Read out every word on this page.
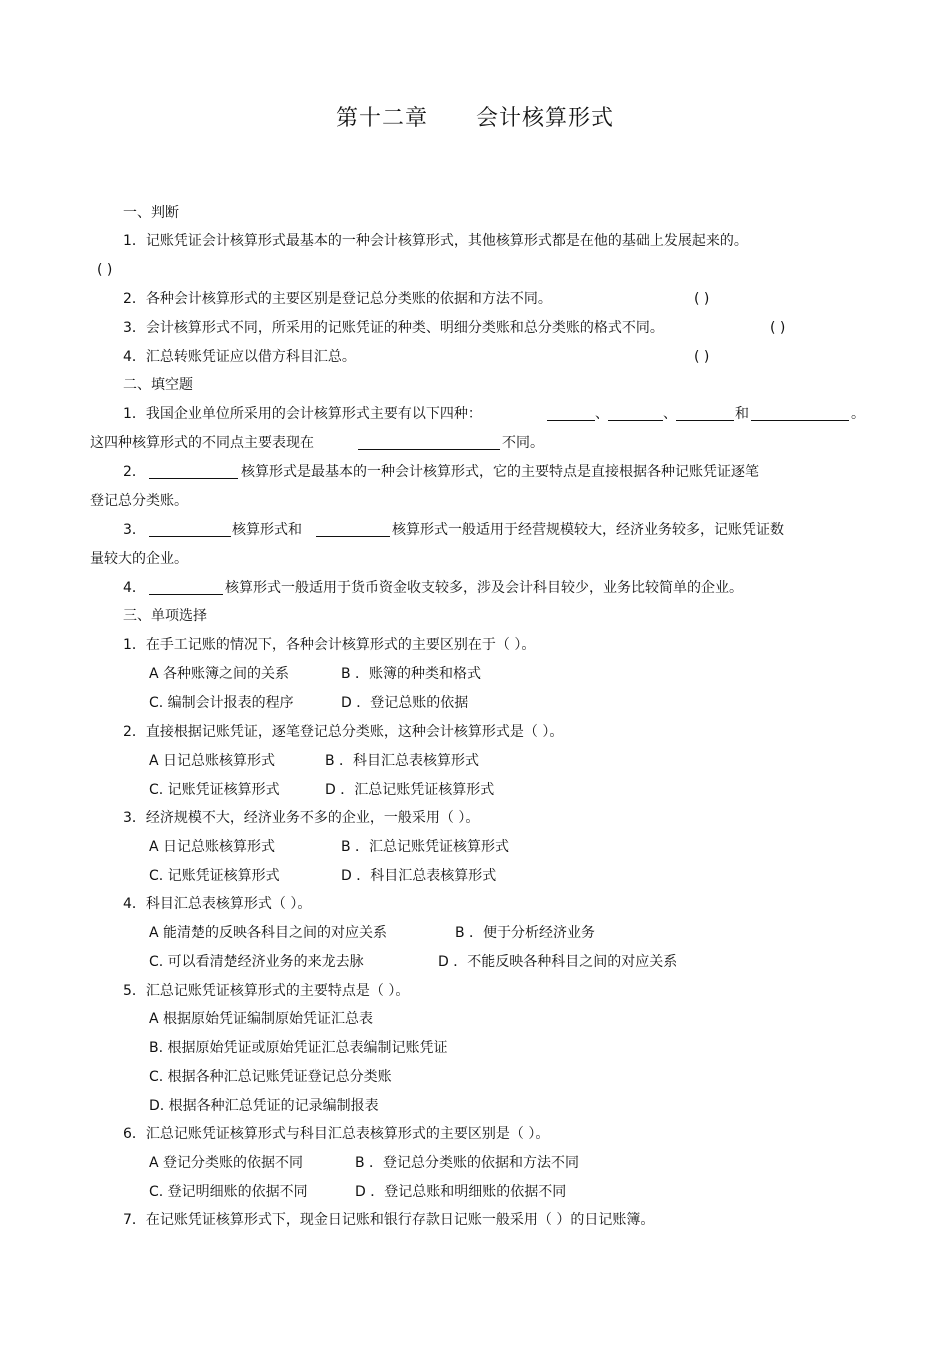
第十二章      会计核算形式
一、判断
1．记账凭证会计核算形式最基本的一种会计核算形式，其他核算形式都是在他的基础上发展起来的。
( )
2．各种会计核算形式的主要区别是登记总分类账的依据和方法不同。	( )
3．会计核算形式不同，所采用的记账凭证的种类、明细分类账和总分类账的格式不同。	( )
4．汇总转账凭证应以借方科目汇总。	( )
二、填空题
1．我国企业单位所采用的会计核算形式主要有以下四种：	、	、	和	。
这四种核算形式的不同点主要表现在	不同。
2．	核算形式是最基本的一种会计核算形式，它的主要特点是直接根据各种记账凭证逐笔
登记总分类账。
3．	核算形式和	核算形式一般适用于经营规模较大，经济业务较多，记账凭证数
量较大的企业。
4．	核算形式一般适用于货币资金收支较多，涉及会计科目较少，业务比较简单的企业。
三、单项选择
1．在手工记账的情况下，各种会计核算形式的主要区别在于（ ）。
A 各种账簿之间的关系	B ．账簿的种类和格式
C. 编制会计报表的程序	D ．登记总账的依据
2．直接根据记账凭证，逐笔登记总分类账，这种会计核算形式是（ ）。
A 日记总账核算形式	B ．科目汇总表核算形式
C. 记账凭证核算形式	D ．汇总记账凭证核算形式
3．经济规模不大，经济业务不多的企业，一般采用（ ）。
A 日记总账核算形式	B ．汇总记账凭证核算形式
C. 记账凭证核算形式	D ．科目汇总表核算形式
4．科目汇总表核算形式（ ）。
A 能清楚的反映各科目之间的对应关系	B ．便于分析经济业务
C. 可以看清楚经济业务的来龙去脉	D ．不能反映各种科目之间的对应关系
5．汇总记账凭证核算形式的主要特点是（ ）。
A 根据原始凭证编制原始凭证汇总表
B. 根据原始凭证或原始凭证汇总表编制记账凭证
C. 根据各种汇总记账凭证登记总分类账
D. 根据各种汇总凭证的记录编制报表
6．汇总记账凭证核算形式与科目汇总表核算形式的主要区别是（ ）。
A 登记分类账的依据不同	B ．登记总分类账的依据和方法不同
C. 登记明细账的依据不同	D ．登记总账和明细账的依据不同
7．在记账凭证核算形式下，现金日记账和银行存款日记账一般采用（ ）的日记账簿。
